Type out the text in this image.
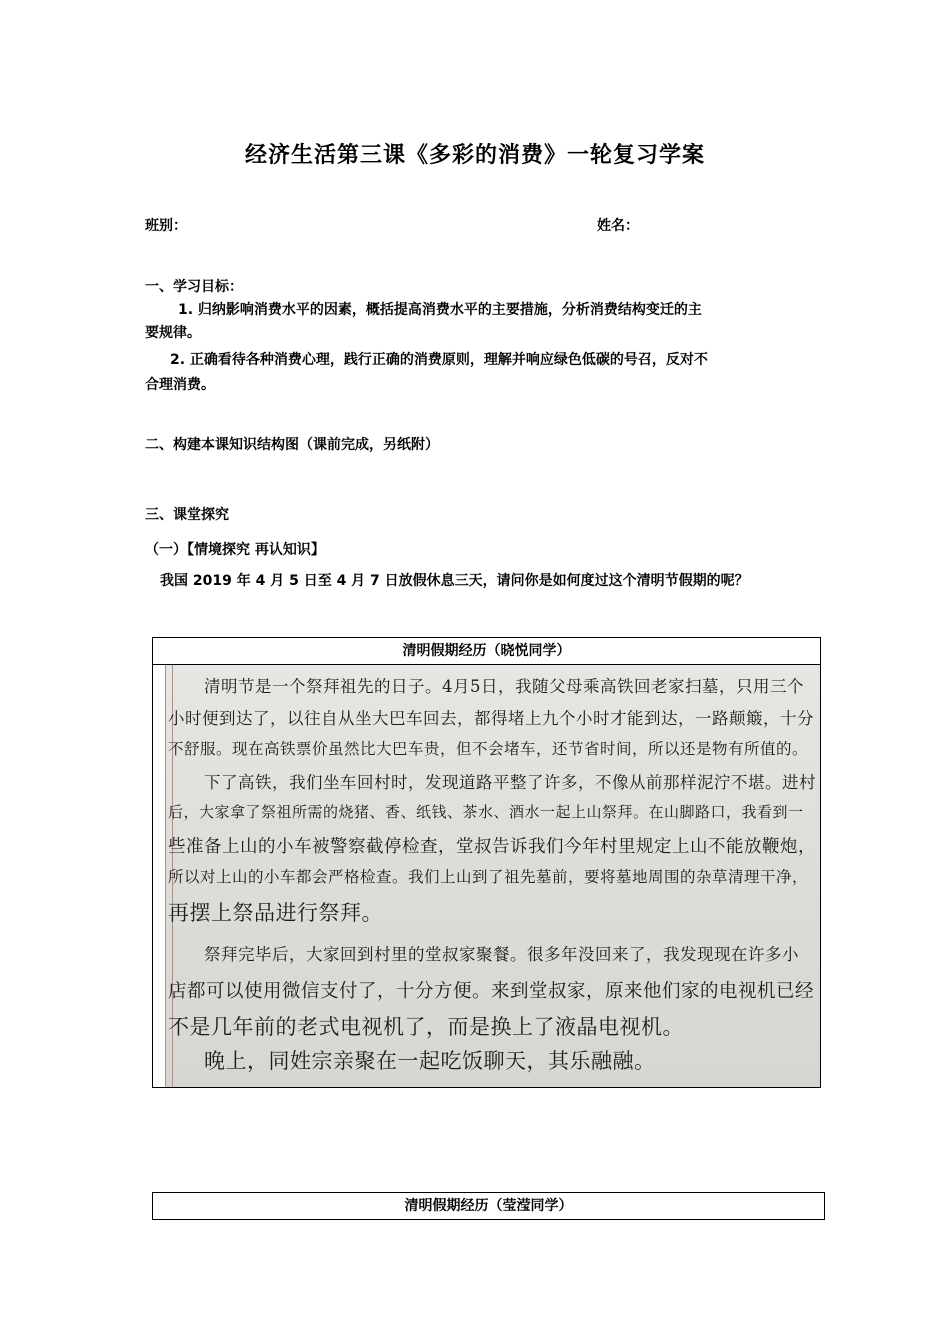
经济生活第三课《多彩的消费》一轮复习学案
班别：	姓名：
一、学习目标：
1. 归纳影响消费水平的因素，概括提高消费水平的主要措施，分析消费结构变迁的主
要规律。
2. 正确看待各种消费心理，践行正确的消费原则，理解并响应绿色低碳的号召，反对不
合理消费。
二、构建本课知识结构图（课前完成，另纸附）
三、课堂探究
（一）【情境探究 再认知识】
我国 2019 年 4 月 5 日至 4 月 7 日放假休息三天，请问你是如何度过这个清明节假期的呢？
清明假期经历（晓悦同学）
清明节是一个祭拜祖先的日子。4月5日，我随父母乘高铁回老家扫墓，只用三个
小时便到达了，以往自从坐大巴车回去，都得堵上九个小时才能到达，一路颠簸，十分
不舒服。现在高铁票价虽然比大巴车贵，但不会堵车，还节省时间，所以还是物有所值的。
下了高铁，我们坐车回村时，发现道路平整了许多，不像从前那样泥泞不堪。进村
后，大家拿了祭祖所需的烧猪、香、纸钱、茶水、酒水一起上山祭拜。在山脚路口，我看到一
些准备上山的小车被警察截停检查，堂叔告诉我们今年村里规定上山不能放鞭炮，
所以对上山的小车都会严格检查。我们上山到了祖先墓前，要将墓地周围的杂草清理干净，
再摆上祭品进行祭拜。
祭拜完毕后，大家回到村里的堂叔家聚餐。很多年没回来了，我发现现在许多小
店都可以使用微信支付了，十分方便。来到堂叔家，原来他们家的电视机已经
不是几年前的老式电视机了，而是换上了液晶电视机。
晚上，同姓宗亲聚在一起吃饭聊天，其乐融融。
清明假期经历（莹滢同学）
